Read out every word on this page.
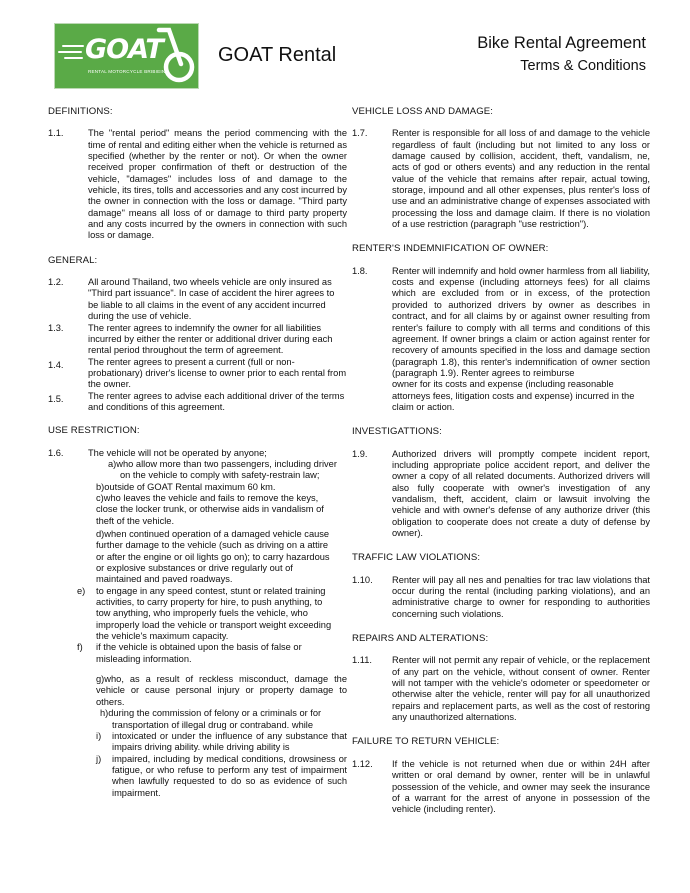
GOAT
RENTAL MOTORCYCLE BRIBIEIN
GOAT Rental
Bike Rental Agreement
Terms & Conditions
DEFINITIONS:
1.1.	The "rental period" means the period commencing with the time of rental and editing either when the vehicle is returned as specified (whether by the renter or not). Or when the owner received proper confirmation of theft or destruction of the vehicle, "damages" includes loss of and damage to the vehicle, its tires, tolls and accessories and any cost incurred by the owner in connection with the loss or damage. "Third party damage" means all loss of or damage to third party property and any costs incurred by the owners in connection with such loss or damage.
GENERAL:
1.2.	All around Thailand, two wheels vehicle are only insured as "Third part issuance". In case of accident the hirer agrees to be liable to all claims in the event of any accident incurred during the use of vehicle.
1.3.	The renter agrees to indemnify the owner for all liabilities incurred by either the renter or additional driver during each rental period throughout the term of agreement.
1.4.	The renter agrees to present a current (full or non-probationary) driver's license to owner prior to each rental from the owner.
1.5.	The renter agrees to advise each additional driver of the terms and conditions of this agreement.
USE RESTRICTION:
1.6.	The vehicle will not be operated by anyone;
a)who allow more than two passengers, including driver on the vehicle to comply with safety-restrain law;
b)outside of GOAT Rental maximum 60 km.
c)who leaves the vehicle and fails to remove the keys, close the locker trunk, or otherwise aids in vandalism of theft of the vehicle.
d)when continued operation of a damaged vehicle cause further damage to the vehicle (such as driving on a attire or after the engine or oil lights go on); to carry hazardous or explosive substances or drive regularly out of maintained and paved roadways.
e)	to engage in any speed contest, stunt or related training activities, to carry property for hire, to push anything, to tow anything, who improperly fuels the vehicle, who improperly load the vehicle or transport weight exceeding the vehicle's maximum capacity.
f)	if the vehicle is obtained upon the basis of false or misleading information.
g)who, as a result of reckless misconduct, damage the vehicle or cause personal injury or property damage to others.
h)during the commission of felony or a criminals or for transportation of illegal drug or contraband. while
i)	intoxicated or under the influence of any substance that impairs driving ability. while driving ability is
j)	impaired, including by medical conditions, drowsiness or fatigue, or who refuse to perform any test of impairment when lawfully requested to do so as evidence of such impairment.
VEHICLE LOSS AND DAMAGE:
1.7.	Renter is responsible for all loss of and damage to the vehicle regardless of fault (including but not limited to any loss or damage caused by collision, accident, theft, vandalism, ne, acts of god or others events) and any reduction in the rental value of the vehicle that remains after repair, actual towing, storage, impound and all other expenses, plus renter's loss of use and an administrative change of expenses associated with processing the loss and damage claim. If there is no violation of a use restriction (paragraph "use restriction").
RENTER'S INDEMNIFICATION OF OWNER:
1.8.	Renter will indemnify and hold owner harmless from all liability, costs and expense (including attorneys fees) for all claims which are excluded from or in excess, of the protection provided to authorized drivers by owner as describes in contract, and for all claims by or against owner resulting from renter's failure to comply with all terms and conditions of this agreement. If owner brings a claim or action against renter for recovery of amounts specified in the loss and damage section (paragraph 1.8), this renter's indemnification of owner section (paragraph 1.9). Renter agrees to reimburse
owner for its costs and expense (including reasonable attorneys fees, litigation costs and expense) incurred in the claim or action.
INVESTIGATTIONS:
1.9.	Authorized drivers will promptly compete incident report, including appropriate police accident report, and deliver the owner a copy of all related documents. Authorized drivers will also fully cooperate with owner's investigation of any vandalism, theft, accident, claim or lawsuit involving the vehicle and with owner's defense of any authorize driver (this obligation to cooperate does not create a duty of defense by owner).
TRAFFIC LAW VIOLATIONS:
1.10.	Renter will pay all nes and penalties for trac law violations that occur during the rental (including parking violations), and an administrative charge to owner for responding to authorities concerning such violations.
REPAIRS AND ALTERATIONS:
1.11.	Renter will not permit any repair of vehicle, or the replacement of any part on the vehicle, without consent of owner. Renter will not tamper with the vehicle's odometer or speedometer or otherwise alter the vehicle, renter will pay for all unauthorized repairs and replacement parts, as well as the cost of restoring any unauthorized alternations.
FAILURE TO RETURN VEHICLE:
1.12.	If the vehicle is not returned when due or within 24H after written or oral demand by owner, renter will be in unlawful possession of the vehicle, and owner may seek the insurance of a warrant for the arrest of anyone in possession of the vehicle (including renter).
